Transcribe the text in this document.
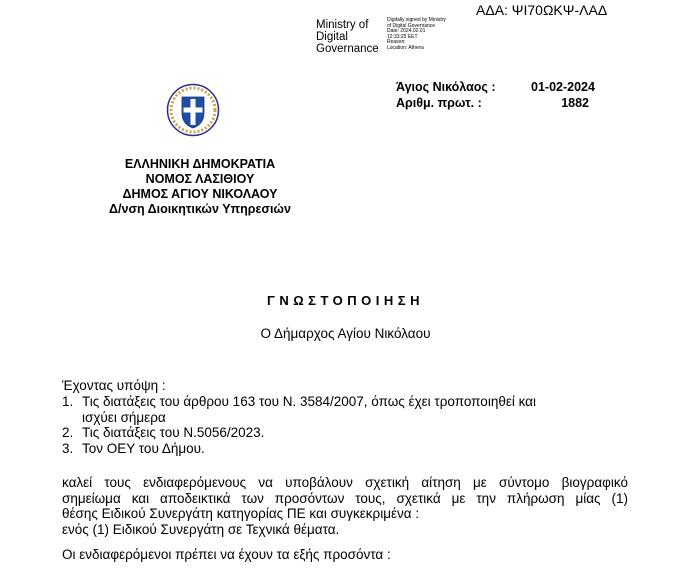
ΑΔΑ: ΨΙ70ΩΚΨ-ΛΑΔ
Ministry of
Digital
Governance
Digitally signed by Ministry
of Digital Governance
Date: 2024.02.01
12:33:25 EET
Reason:
Location: Athens
Άγιος Νικόλαος :	01-02-2024
Αριθμ. πρωτ. :	1882
ΕΛΛΗΝΙΚΗ ΔΗΜΟΚΡΑΤΙΑ
ΝΟΜΟΣ ΛΑΣΙΘΙΟΥ
ΔΗΜΟΣ ΑΓΙΟΥ ΝΙΚΟΛΑΟΥ
Δ/νση Διοικητικών Υπηρεσιών
ΓΝΩΣΤΟΠΟΙΗΣΗ
Ο Δήμαρχος Αγίου Νικόλαου
Έχοντας υπόψη :
1. Τις διατάξεις του άρθρου 163 του Ν. 3584/2007, όπως έχει τροποποιηθεί και
ισχύει σήμερα
2. Τις διατάξεις του Ν.5056/2023.
3. Τον ΟΕΥ του Δήμου.
καλεί τους ενδιαφερόμενους να υποβάλουν σχετική αίτηση με σύντομο βιογραφικό
σημείωμα και αποδεικτικά των προσόντων τους, σχετικά με την πλήρωση μίας (1)
θέσης Ειδικού Συνεργάτη κατηγορίας ΠΕ και συγκεκριμένα :
ενός (1) Ειδικού Συνεργάτη σε Τεχνικά θέματα.
Οι ενδιαφερόμενοι πρέπει να έχουν τα εξής προσόντα :
